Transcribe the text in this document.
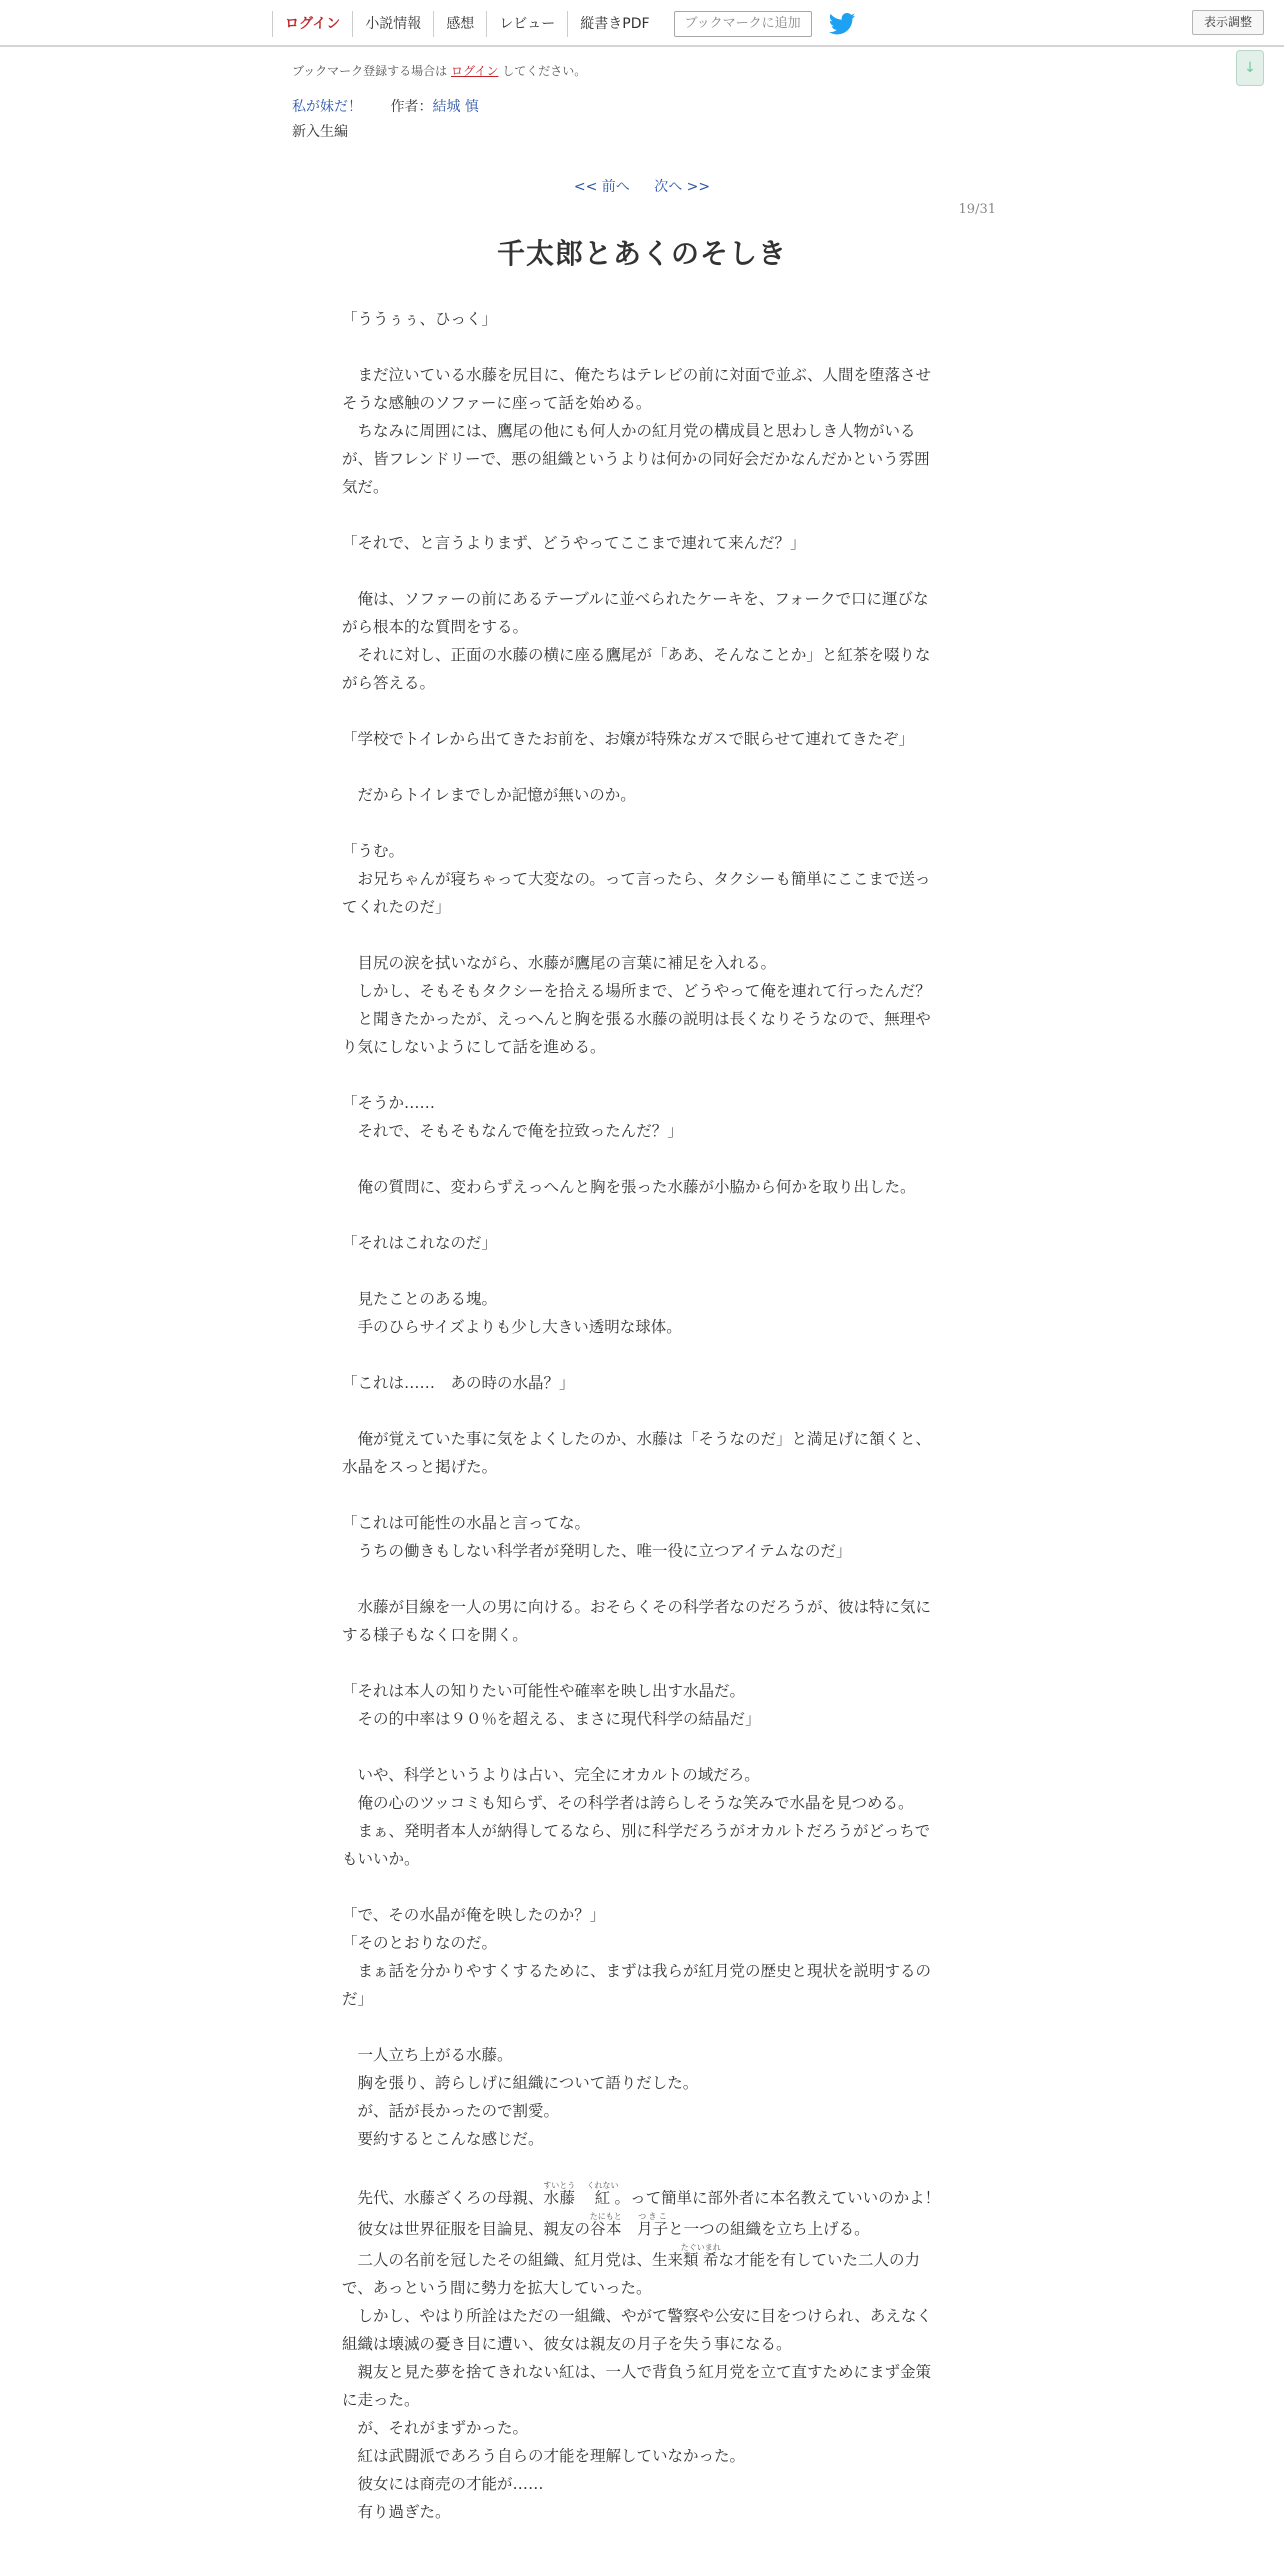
ログイン	小説情報	感想	レビュー	縦書きPDF	ブックマークに追加	表示調整
↓
ブックマーク登録する場合は ログイン してください。
私が妹だ！ 作者：結城 慎
新入生編
<< 前へ 次へ >>
19/31
千太郎とあくのそしき

「ううぅぅ、ひっく」

　まだ泣いている水藤を尻目に、俺たちはテレビの前に対面で並ぶ、人間を堕落させそうな感触のソファーに座って話を始める。

　ちなみに周囲には、鷹尾の他にも何人かの紅月党の構成員と思わしき人物がいるが、皆フレンドリーで、悪の組織というよりは何かの同好会だかなんだかという雰囲気だ。

「それで、と言うよりまず、どうやってここまで連れて来んだ？」

　俺は、ソファーの前にあるテーブルに並べられたケーキを、フォークで口に運びながら根本的な質問をする。

　それに対し、正面の水藤の横に座る鷹尾が「ああ、そんなことか」と紅茶を啜りながら答える。

「学校でトイレから出てきたお前を、お嬢が特殊なガスで眠らせて連れてきたぞ」

　だからトイレまでしか記憶が無いのか。

「うむ。

　お兄ちゃんが寝ちゃって大変なの。って言ったら、タクシーも簡単にここまで送ってくれたのだ」

　目尻の涙を拭いながら、水藤が鷹尾の言葉に補足を入れる。

　しかし、そもそもタクシーを拾える場所まで、どうやって俺を連れて行ったんだ？

　と聞きたかったが、えっへんと胸を張る水藤の説明は長くなりそうなので、無理やり気にしないようにして話を進める。

「そうか……

　それで、そもそもなんで俺を拉致ったんだ？」

　俺の質問に、変わらずえっへんと胸を張った水藤が小脇から何かを取り出した。

「それはこれなのだ」

　見たことのある塊。

　手のひらサイズよりも少し大きい透明な球体。

「これは……　あの時の水晶？」

　俺が覚えていた事に気をよくしたのか、水藤は「そうなのだ」と満足げに頷くと、水晶をスっと掲げた。

「これは可能性の水晶と言ってな。

　うちの働きもしない科学者が発明した、唯一役に立つアイテムなのだ」

　水藤が目線を一人の男に向ける。おそらくその科学者なのだろうが、彼は特に気にする様子もなく口を開く。

「それは本人の知りたい可能性や確率を映し出す水晶だ。

　その的中率は９０％を超える、まさに現代科学の結晶だ」

　いや、科学というよりは占い、完全にオカルトの域だろ。

　俺の心のツッコミも知らず、その科学者は誇らしそうな笑みで水晶を見つめる。

　まぁ、発明者本人が納得してるなら、別に科学だろうがオカルトだろうがどっちでもいいか。

「で、その水晶が俺を映したのか？」

「そのとおりなのだ。

　まぁ話を分かりやすくするために、まずは我らが紅月党の歴史と現状を説明するのだ」

　一人立ち上がる水藤。

　胸を張り、誇らしげに組織について語りだした。

　が、話が長かったので割愛。

　要約するとこんな感じだ。

　先代、水藤ざくろの母親、水藤すいとう　紅くれない。って簡単に部外者に本名教えていいのかよ！

　彼女は世界征服を目論見、親友の谷本たにもと　月子つきこと一つの組織を立ち上げる。

　二人の名前を冠したその組織、紅月党は、生来類希たぐいまれな才能を有していた二人の力で、あっという間に勢力を拡大していった。

　しかし、やはり所詮はただの一組織、やがて警察や公安に目をつけられ、あえなく組織は壊滅の憂き目に遭い、彼女は親友の月子を失う事になる。

　親友と見た夢を捨てきれない紅は、一人で背負う紅月党を立て直すためにまず金策に走った。

　が、それがまずかった。

　紅は武闘派であろう自らの才能を理解していなかった。

　彼女には商売の才能が……

　有り過ぎた。
